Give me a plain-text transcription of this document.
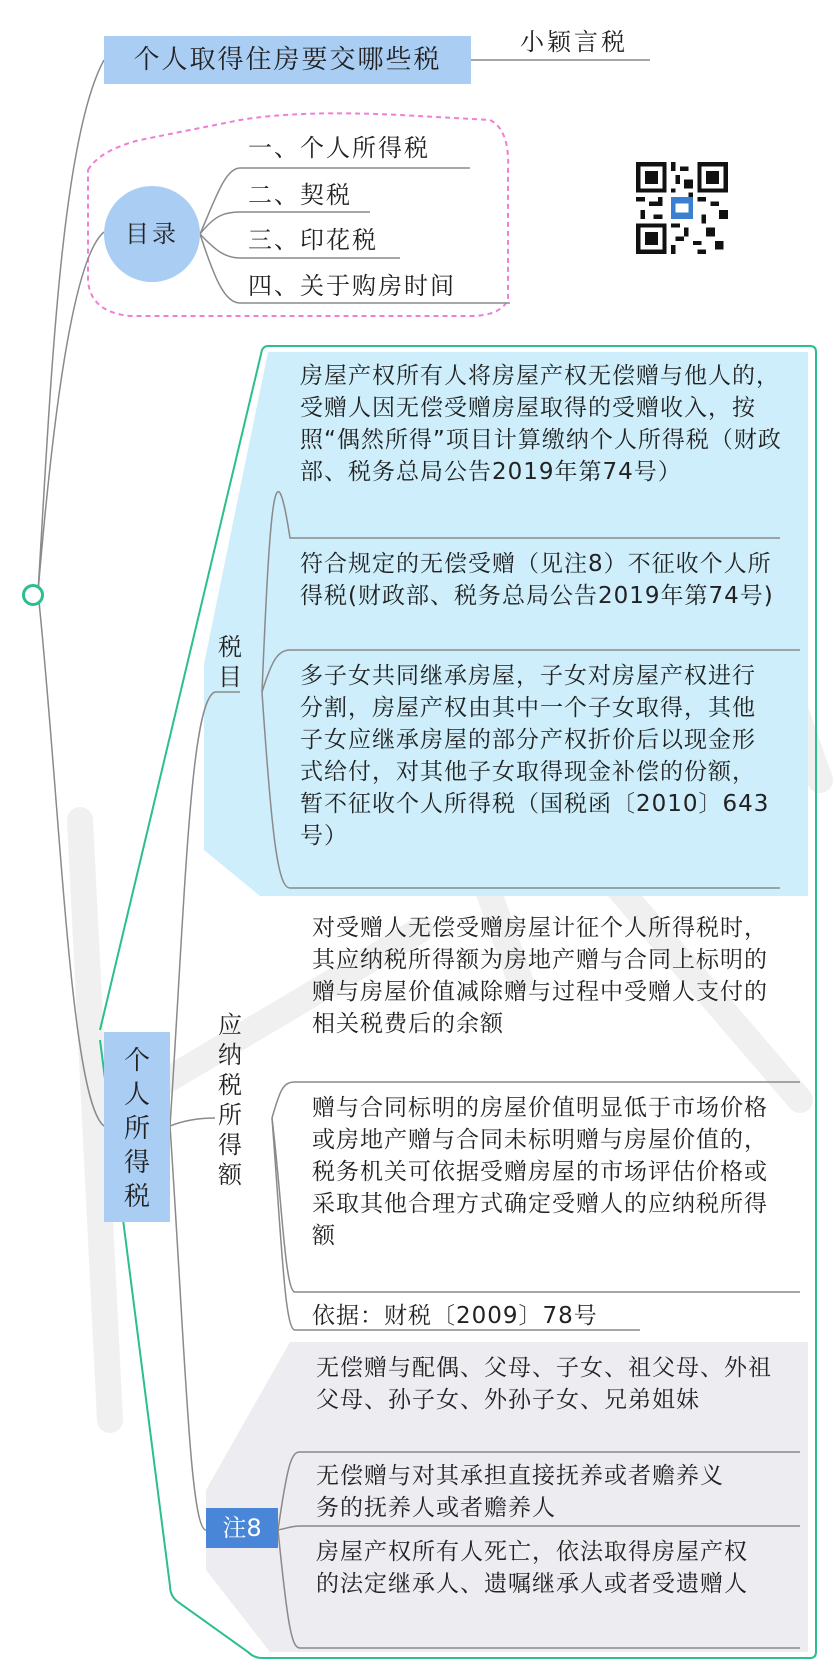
个人取得住房要交哪些税
小颖言税
目录
一、个人所得税
二、契税
三、印花税
四、关于购房时间
个人所得税
税目
房屋产权所有人将房屋产权无偿赠与他人的，受赠人因无偿受赠房屋取得的受赠收入，按照“偶然所得”项目计算缴纳个人所得税（财政部、税务总局公告2019年第74号）
符合规定的无偿受赠（见注8）不征收个人所得税(财政部、税务总局公告2019年第74号)
多子女共同继承房屋，子女对房屋产权进行分割，房屋产权由其中一个子女取得，其他子女应继承房屋的部分产权折价后以现金形式给付，对其他子女取得现金补偿的份额，暂不征收个人所得税（国税函〔2010〕643号）
应纳税所得额
对受赠人无偿受赠房屋计征个人所得税时，其应纳税所得额为房地产赠与合同上标明的赠与房屋价值减除赠与过程中受赠人支付的相关税费后的余额
赠与合同标明的房屋价值明显低于市场价格或房地产赠与合同未标明赠与房屋价值的，税务机关可依据受赠房屋的市场评估价格或采取其他合理方式确定受赠人的应纳税所得额
依据：财税〔2009〕78号
注8
无偿赠与配偶、父母、子女、祖父母、外祖父母、孙子女、外孙子女、兄弟姐妹
无偿赠与对其承担直接抚养或者赡养义务的抚养人或者赡养人
房屋产权所有人死亡，依法取得房屋产权的法定继承人、遗嘱继承人或者受遗赠人
